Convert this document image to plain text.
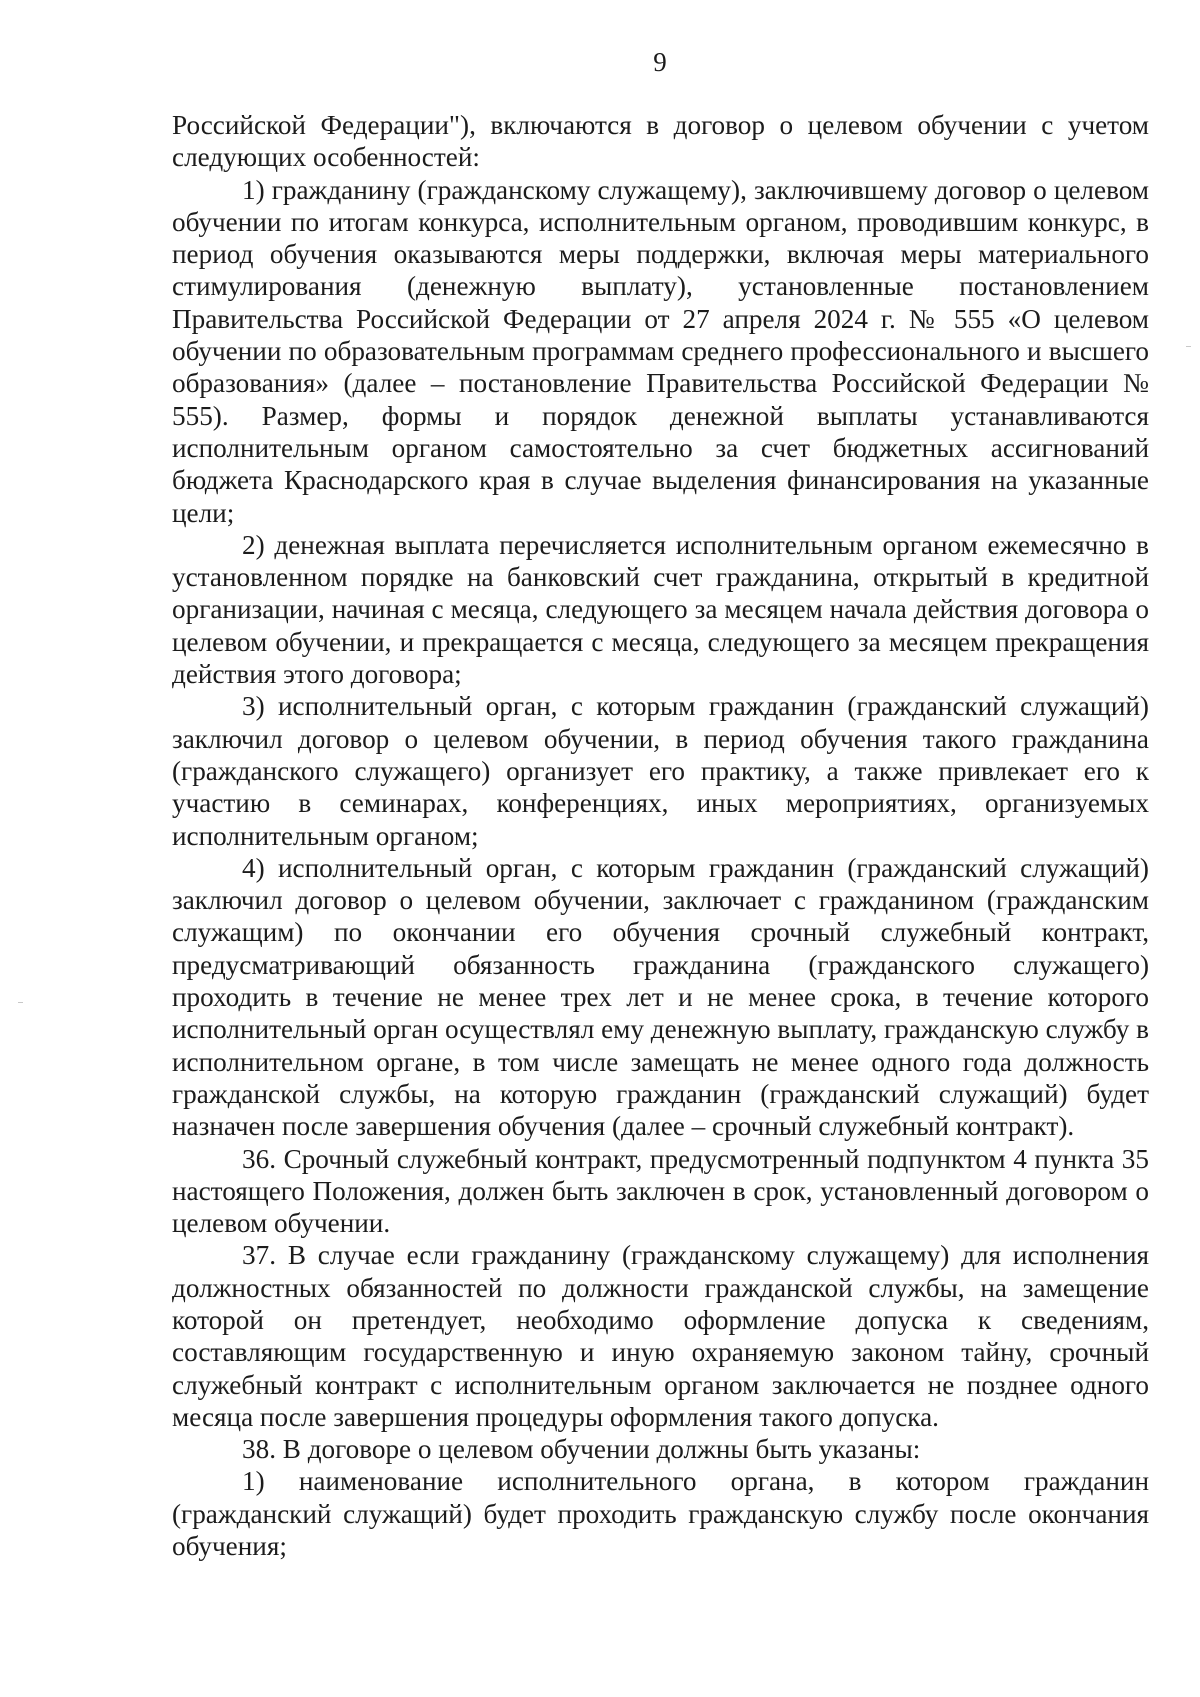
9

Российской Федерации"), включаются в договор о целевом обучении с учетом следующих особенностей:

1) гражданину (гражданскому служащему), заключившему договор о целевом обучении по итогам конкурса, исполнительным органом, проводившим конкурс, в период обучения оказываются меры поддержки, включая меры материального стимулирования (денежную выплату), установленные постановлением Правительства Российской Федерации от 27 апреля 2024 г. № 555 «О целевом обучении по образовательным программам среднего профессионального и высшего образования» (далее – постановление Правительства Российской Федерации № 555). Размер, формы и порядок денежной выплаты устанавливаются исполнительным органом самостоятельно за счет бюджетных ассигнований бюджета Краснодарского края в случае выделения финансирования на указанные цели;

2) денежная выплата перечисляется исполнительным органом ежемесячно в установленном порядке на банковский счет гражданина, открытый в кредитной организации, начиная с месяца, следующего за месяцем начала действия договора о целевом обучении, и прекращается с месяца, следующего за месяцем прекращения действия этого договора;

3) исполнительный орган, с которым гражданин (гражданский служащий) заключил договор о целевом обучении, в период обучения такого гражданина (гражданского служащего) организует его практику, а также привлекает его к участию в семинарах, конференциях, иных мероприятиях, организуемых исполнительным органом;

4) исполнительный орган, с которым гражданин (гражданский служащий) заключил договор о целевом обучении, заключает с гражданином (гражданским служащим) по окончании его обучения срочный служебный контракт, предусматривающий обязанность гражданина (гражданского служащего) проходить в течение не менее трех лет и не менее срока, в течение которого исполнительный орган осуществлял ему денежную выплату, гражданскую службу в исполнительном органе, в том числе замещать не менее одного года должность гражданской службы, на которую гражданин (гражданский служащий) будет назначен после завершения обучения (далее – срочный служебный контракт).

36. Срочный служебный контракт, предусмотренный подпунктом 4 пункта 35 настоящего Положения, должен быть заключен в срок, установленный договором о целевом обучении.

37. В случае если гражданину (гражданскому служащему) для исполнения должностных обязанностей по должности гражданской службы, на замещение которой он претендует, необходимо оформление допуска к сведениям, составляющим государственную и иную охраняемую законом тайну, срочный служебный контракт с исполнительным органом заключается не позднее одного месяца после завершения процедуры оформления такого допуска.

38. В договоре о целевом обучении должны быть указаны:

1) наименование исполнительного органа, в котором гражданин (гражданский служащий) будет проходить гражданскую службу после окончания обучения;
